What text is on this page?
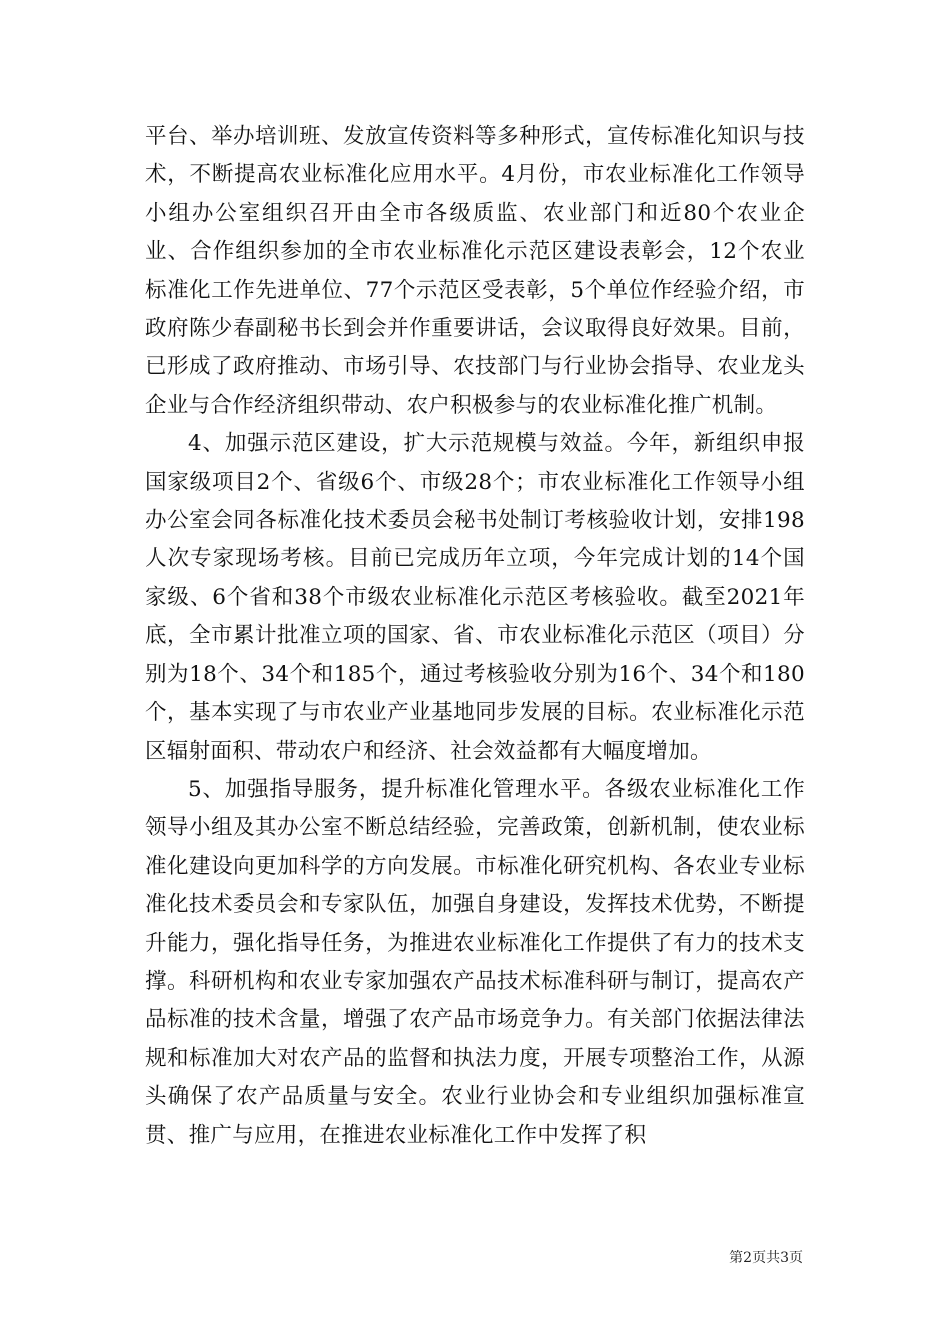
平台、举办培训班、发放宣传资料等多种形式，宣传标准化知识与技术，不断提高农业标准化应用水平。4月份，市农业标准化工作领导小组办公室组织召开由全市各级质监、农业部门和近80个农业企业、合作组织参加的全市农业标准化示范区建设表彰会，12个农业标准化工作先进单位、77个示范区受表彰，5个单位作经验介绍，市政府陈少春副秘书长到会并作重要讲话，会议取得良好效果。目前，已形成了政府推动、市场引导、农技部门与行业协会指导、农业龙头企业与合作经济组织带动、农户积极参与的农业标准化推广机制。

4、加强示范区建设，扩大示范规模与效益。今年，新组织申报国家级项目2个、省级6个、市级28个；市农业标准化工作领导小组办公室会同各标准化技术委员会秘书处制订考核验收计划，安排198人次专家现场考核。目前已完成历年立项，今年完成计划的14个国家级、6个省和38个市级农业标准化示范区考核验收。截至2021年底，全市累计批准立项的国家、省、市农业标准化示范区（项目）分别为18个、34个和185个，通过考核验收分别为16个、34个和180个，基本实现了与市农业产业基地同步发展的目标。农业标准化示范区辐射面积、带动农户和经济、社会效益都有大幅度增加。

5、加强指导服务，提升标准化管理水平。各级农业标准化工作领导小组及其办公室不断总结经验，完善政策，创新机制，使农业标准化建设向更加科学的方向发展。市标准化研究机构、各农业专业标准化技术委员会和专家队伍，加强自身建设，发挥技术优势，不断提升能力，强化指导任务，为推进农业标准化工作提供了有力的技术支撑。科研机构和农业专家加强农产品技术标准科研与制订，提高农产品标准的技术含量，增强了农产品市场竞争力。有关部门依据法律法规和标准加大对农产品的监督和执法力度，开展专项整治工作，从源头确保了农产品质量与安全。农业行业协会和专业组织加强标准宣贯、推广与应用，在推进农业标准化工作中发挥了积

第2页共3页
